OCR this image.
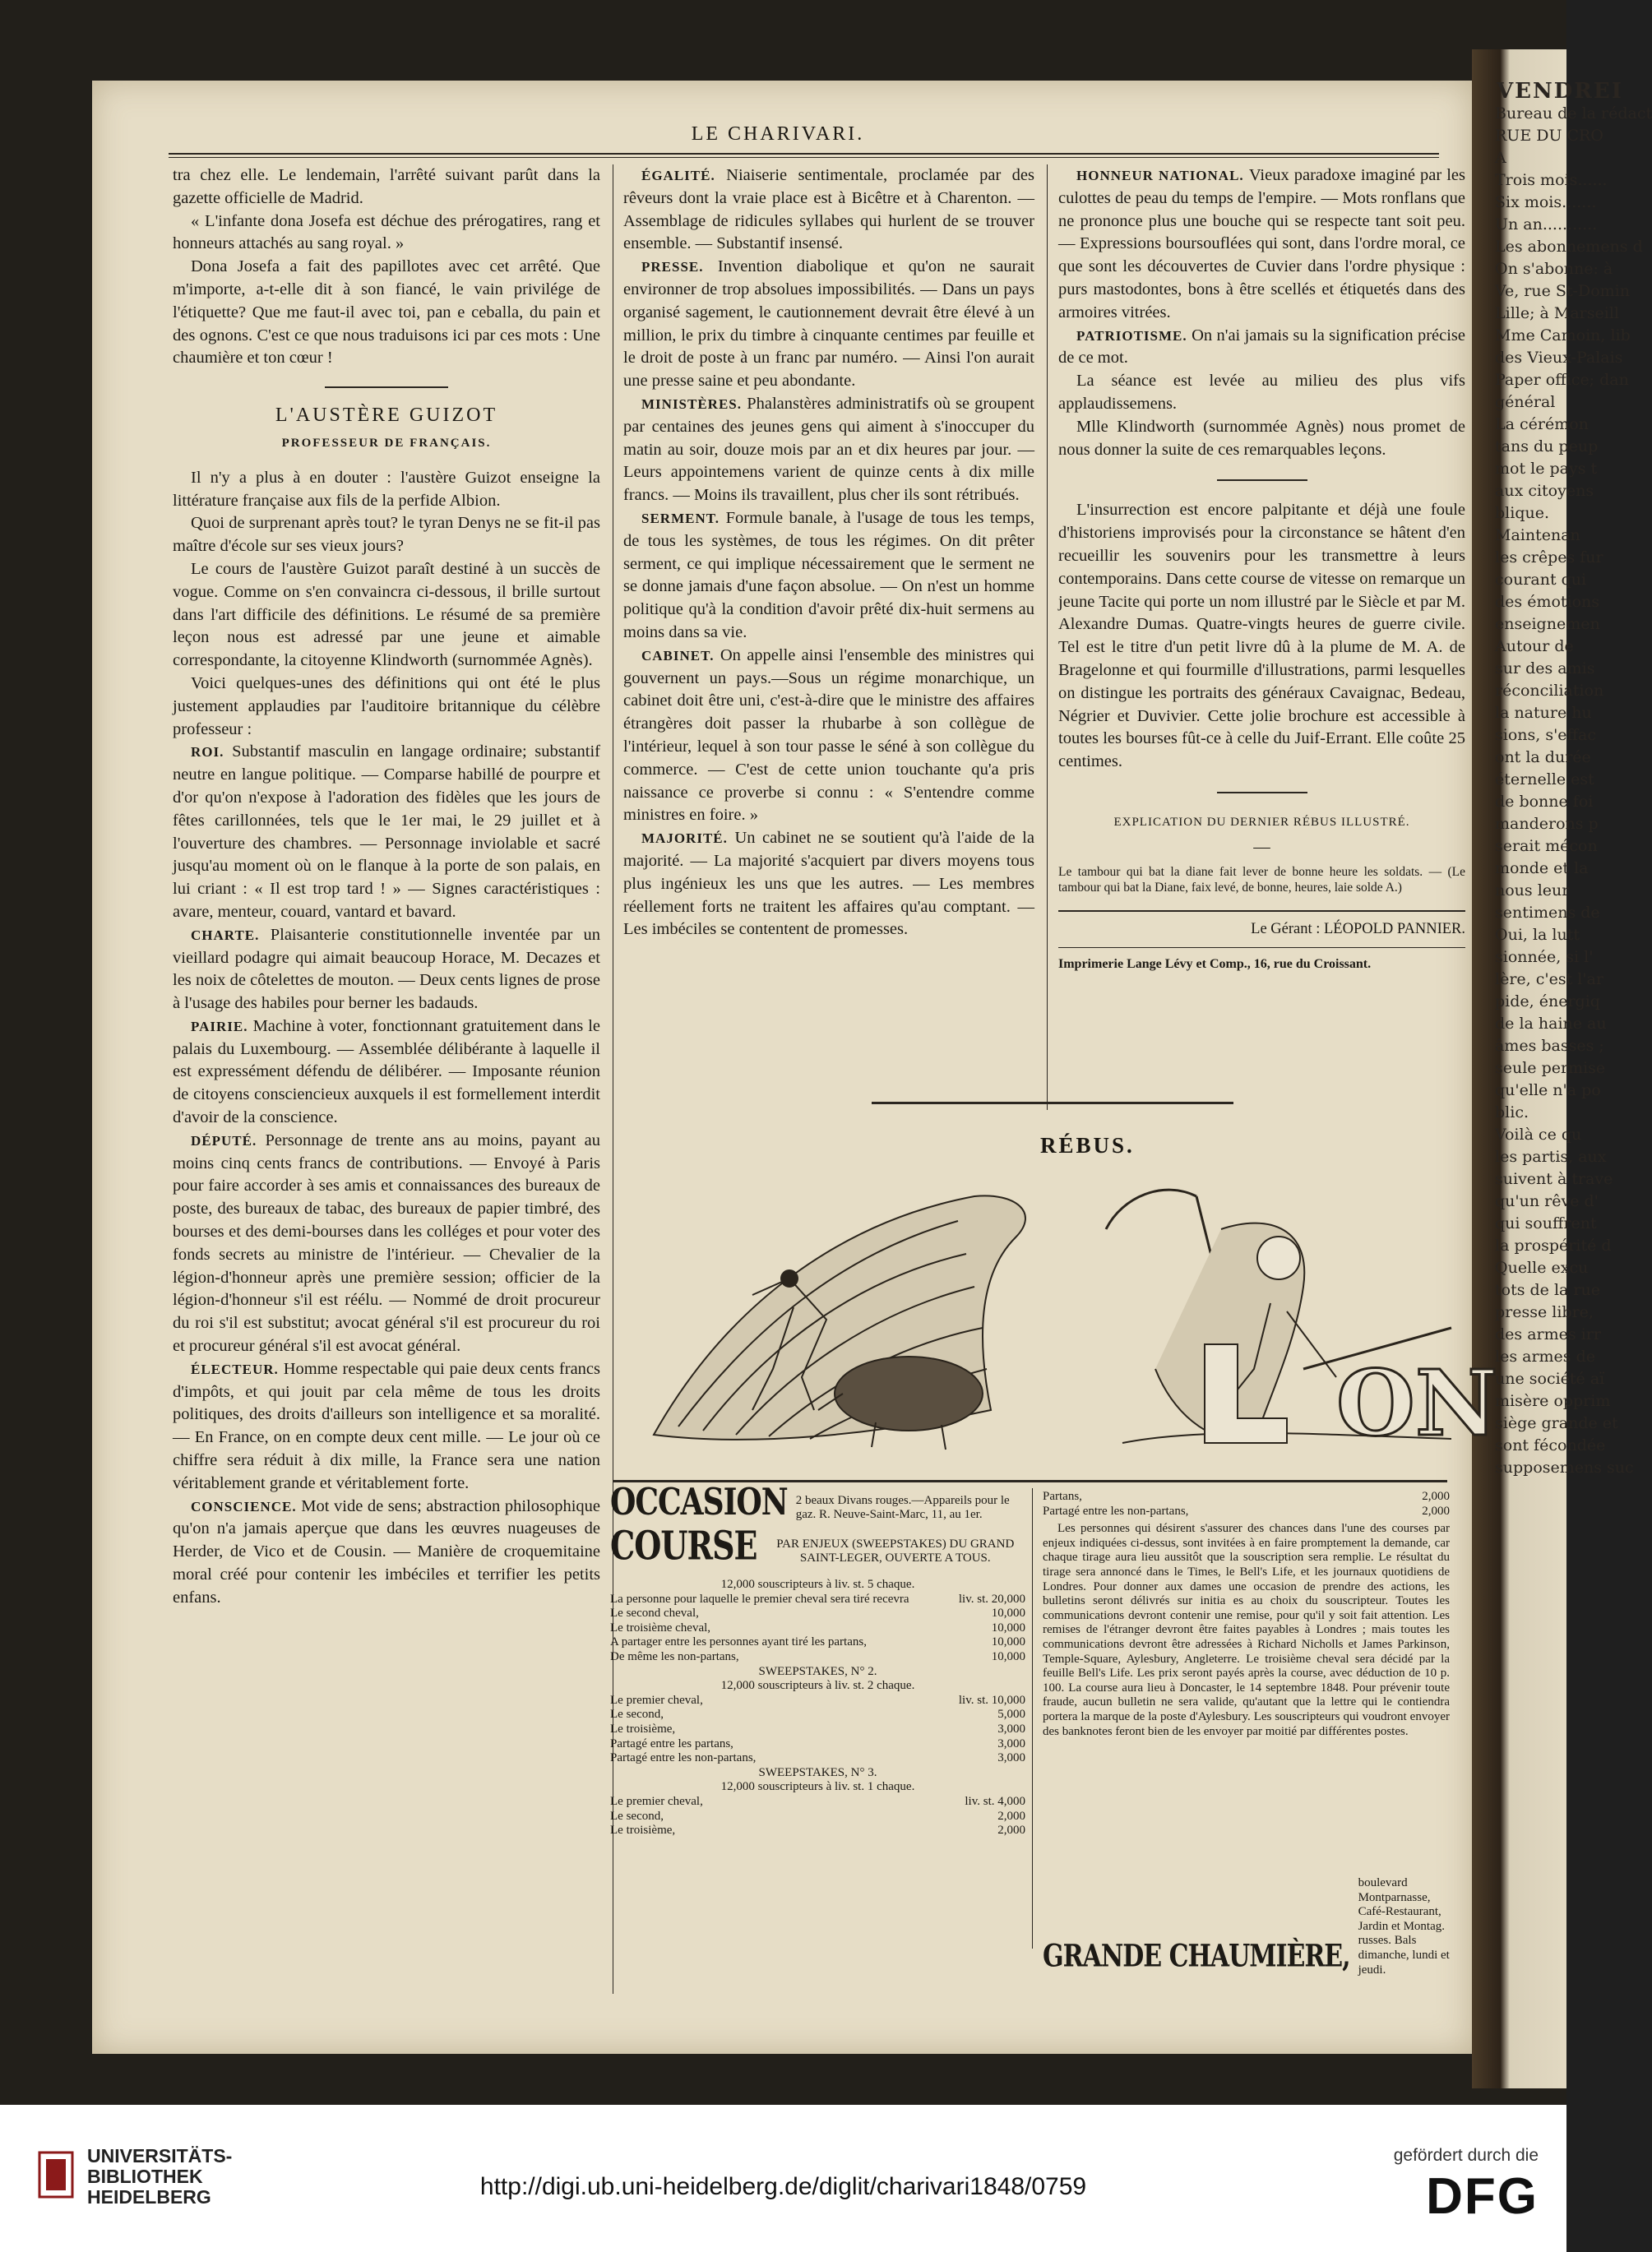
VENDREI
Bureau de la rédact
RUE DU CRO
A
Trois mois......
Six mois.......
Un an...........
Les abonnemens d
On s'abonne: à
Ve, rue St-Domin
Lille; à Marseill
Mme Camoin, lib
des Vieux-Palais
Paper office; dan
général
La cérémon
tans du peup
mot le pays t
aux citoyens
blique.
Maintenan
les crêpes fur
courant qui
des émotions
enseignemen
Autour de
sur des amis
réconciliation
la nature hu
sions, s'effac
ont la durée
éternelle est
de bonne foi
manderons p
serait mécon
monde et la
nous leur
sentimens de
Oui, la lutt
sionnée, si l'
lère, c'est l'ar
pide, énergiq
de la haine au
âmes basses ;
seule permise
qu'elle n'a po
blic.
Voilà ce qu
les partis, aux
suivent à trave
qu'un rêve d'
qui souffrent
la prospérité d
Quelle excu
tots de la rue
presse libre,
des armes irr
les armes de
une société aï
misère opprim
siège grande et
sont fécondée
supposemens suc
LE CHARIVARI.

tra chez elle. Le lendemain, l'arrêté suivant parût dans la gazette officielle de Madrid.

« L'infante dona Josefa est déchue des prérogatires, rang et honneurs attachés au sang royal. »

Dona Josefa a fait des papillotes avec cet arrêté. Que m'importe, a-t-elle dit à son fiancé, le vain privilége de l'étiquette? Que me faut-il avec toi, pan e ceballa, du pain et des ognons. C'est ce que nous traduisons ici par ces mots : Une chaumière et ton cœur !

L'AUSTÈRE GUIZOT
PROFESSEUR DE FRANÇAIS.

Il n'y a plus à en douter : l'austère Guizot enseigne la littérature française aux fils de la perfide Albion.

Quoi de surprenant après tout? le tyran Denys ne se fit-il pas maître d'école sur ses vieux jours?

Le cours de l'austère Guizot paraît destiné à un succès de vogue. Comme on s'en convaincra ci-dessous, il brille surtout dans l'art difficile des définitions. Le résumé de sa première leçon nous est adressé par une jeune et aimable correspondante, la citoyenne Klindworth (surnommée Agnès).

Voici quelques-unes des définitions qui ont été le plus justement applaudies par l'auditoire britannique du célèbre professeur :

ROI. Substantif masculin en langage ordinaire; substantif neutre en langue politique. — Comparse habillé de pourpre et d'or qu'on n'expose à l'adoration des fidèles que les jours de fêtes carillonnées, tels que le 1er mai, le 29 juillet et à l'ouverture des chambres. — Personnage inviolable et sacré jusqu'au moment où on le flanque à la porte de son palais, en lui criant : « Il est trop tard ! » — Signes caractéristiques : avare, menteur, couard, vantard et bavard.

CHARTE. Plaisanterie constitutionnelle inventée par un vieillard podagre qui aimait beaucoup Horace, M. Decazes et les noix de côtelettes de mouton. — Deux cents lignes de prose à l'usage des habiles pour berner les badauds.

PAIRIE. Machine à voter, fonctionnant gratuitement dans le palais du Luxembourg. — Assemblée délibérante à laquelle il est expressément défendu de délibérer. — Imposante réunion de citoyens consciencieux auxquels il est formellement interdit d'avoir de la conscience.

DÉPUTÉ. Personnage de trente ans au moins, payant au moins cinq cents francs de contributions. — Envoyé à Paris pour faire accorder à ses amis et connaissances des bureaux de poste, des bureaux de tabac, des bureaux de papier timbré, des bourses et des demi-bourses dans les colléges et pour voter des fonds secrets au ministre de l'intérieur. — Chevalier de la légion-d'honneur après une première session; officier de la légion-d'honneur s'il est réélu. — Nommé de droit procureur du roi s'il est substitut; avocat général s'il est procureur du roi et procureur général s'il est avocat général.

ÉLECTEUR. Homme respectable qui paie deux cents francs d'impôts, et qui jouit par cela même de tous les droits politiques, des droits d'ailleurs son intelligence et sa moralité. — En France, on en compte deux cent mille. — Le jour où ce chiffre sera réduit à dix mille, la France sera une nation véritablement grande et véritablement forte.

CONSCIENCE. Mot vide de sens; abstraction philosophique qu'on n'a jamais aperçue que dans les œuvres nuageuses de Herder, de Vico et de Cousin. — Manière de croquemitaine moral créé pour contenir les imbéciles et terrifier les petits enfans.

ÉGALITÉ. Niaiserie sentimentale, proclamée par des rêveurs dont la vraie place est à Bicêtre et à Charenton. — Assemblage de ridicules syllabes qui hurlent de se trouver ensemble. — Substantif insensé.

PRESSE. Invention diabolique et qu'on ne saurait environner de trop absolues impossibilités. — Dans un pays organisé sagement, le cautionnement devrait être élevé à un million, le prix du timbre à cinquante centimes par feuille et le droit de poste à un franc par numéro. — Ainsi l'on aurait une presse saine et peu abondante.

MINISTÈRES. Phalanstères administratifs où se groupent par centaines des jeunes gens qui aiment à s'inoccuper du matin au soir, douze mois par an et dix heures par jour. — Leurs appointemens varient de quinze cents à dix mille francs. — Moins ils travaillent, plus cher ils sont rétribués.

SERMENT. Formule banale, à l'usage de tous les temps, de tous les systèmes, de tous les régimes. On dit prêter serment, ce qui implique nécessairement que le serment ne se donne jamais d'une façon absolue. — On n'est un homme politique qu'à la condition d'avoir prêté dix-huit sermens au moins dans sa vie.

CABINET. On appelle ainsi l'ensemble des ministres qui gouvernent un pays.—Sous un régime monarchique, un cabinet doit être uni, c'est-à-dire que le ministre des affaires étrangères doit passer la rhubarbe à son collègue de l'intérieur, lequel à son tour passe le séné à son collègue du commerce. — C'est de cette union touchante qu'a pris naissance ce proverbe si connu : « S'entendre comme ministres en foire. »

MAJORITÉ. Un cabinet ne se soutient qu'à l'aide de la majorité. — La majorité s'acquiert par divers moyens tous plus ingénieux les uns que les autres. — Les membres réellement forts ne traitent les affaires qu'au comptant. — Les imbéciles se contentent de promesses.

HONNEUR NATIONAL. Vieux paradoxe imaginé par les culottes de peau du temps de l'empire. — Mots ronflans que ne prononce plus une bouche qui se respecte tant soit peu. — Expressions boursouflées qui sont, dans l'ordre moral, ce que sont les découvertes de Cuvier dans l'ordre physique : purs mastodontes, bons à être scellés et étiquetés dans des armoires vitrées.

PATRIOTISME. On n'ai jamais su la signification précise de ce mot.

La séance est levée au milieu des plus vifs applaudissemens.

Mlle Klindworth (surnommée Agnès) nous promet de nous donner la suite de ces remarquables leçons.

L'insurrection est encore palpitante et déjà une foule d'historiens improvisés pour la circonstance se hâtent d'en recueillir les souvenirs pour les transmettre à leurs contemporains. Dans cette course de vitesse on remarque un jeune Tacite qui porte un nom illustré par le Siècle et par M. Alexandre Dumas. Quatre-vingts heures de guerre civile. Tel est le titre d'un petit livre dû à la plume de M. A. de Bragelonne et qui fourmille d'illustrations, parmi lesquelles on distingue les portraits des généraux Cavaignac, Bedeau, Négrier et Duvivier. Cette jolie brochure est accessible à toutes les bourses fût-ce à celle du Juif-Errant. Elle coûte 25 centimes.

EXPLICATION DU DERNIER RÉBUS ILLUSTRÉ.
—

Le tambour qui bat la diane fait lever de bonne heure les soldats. — (Le tambour qui bat la Diane, faix levé, de bonne, heures, laie solde A.)

Le Gérant : LÉOPOLD PANNIER.
Imprimerie Lange Lévy et Comp., 16, rue du Croissant.
RÉBUS.
ON
OCCASION 2 beaux Divans rouges.—Appareils pour le gaz. R. Neuve-Saint-Marc, 11, au 1er.
COURSE	PAR ENJEUX (SWEEPSTAKES) DU GRAND SAINT-LEGER, OUVERTE A TOUS.
12,000 souscripteurs à liv. st. 5 chaque.
La personne pour laquelle le premier cheval sera tiré recevra	liv. st. 20,000
Le second cheval,	10,000
Le troisième cheval,	10,000
A partager entre les personnes ayant tiré les partans,	10,000
De même les non-partans,	10,000
SWEEPSTAKES, N° 2.
12,000 souscripteurs à liv. st. 2 chaque.
Le premier cheval,	liv. st. 10,000
Le second,	5,000
Le troisième,	3,000
Partagé entre les partans,	3,000
Partagé entre les non-partans,	3,000
SWEEPSTAKES, N° 3.
12,000 souscripteurs à liv. st. 1 chaque.
Le premier cheval,	liv. st. 4,000
Le second,	2,000
Le troisième,	2,000
Partans,	2,000
Partagé entre les non-partans,	2,000
Les personnes qui désirent s'assurer des chances dans l'une des courses par enjeux indiquées ci-dessus, sont invitées à en faire promptement la demande, car chaque tirage aura lieu aussitôt que la souscription sera remplie. Le résultat du tirage sera annoncé dans le Times, le Bell's Life, et les journaux quotidiens de Londres. Pour donner aux dames une occasion de prendre des actions, les bulletins seront délivrés sur initia es au choix du souscripteur. Toutes les communications devront contenir une remise, pour qu'il y soit fait attention. Les remises de l'étranger devront être faites payables à Londres ; mais toutes les communications devront être adressées à Richard Nicholls et James Parkinson, Temple-Square, Aylesbury, Angleterre. Le troisième cheval sera décidé par la feuille Bell's Life. Les prix seront payés après la course, avec déduction de 10 p. 100. La course aura lieu à Doncaster, le 14 septembre 1848. Pour prévenir toute fraude, aucun bulletin ne sera valide, qu'autant que la lettre qui le contiendra portera la marque de la poste d'Aylesbury. Les souscripteurs qui voudront envoyer des banknotes feront bien de les envoyer par moitié par différentes postes.
GRANDE CHAUMIÈRE,
boulevard Montparnasse, Café-Restaurant, Jardin et Montag. russes. Bals dimanche, lundi et jeudi.
UNIVERSITÄTS-
BIBLIOTHEK
HEIDELBERG	http://digi.ub.uni-heidelberg.de/diglit/charivari1848/0759
gefördert durch die
DFG
